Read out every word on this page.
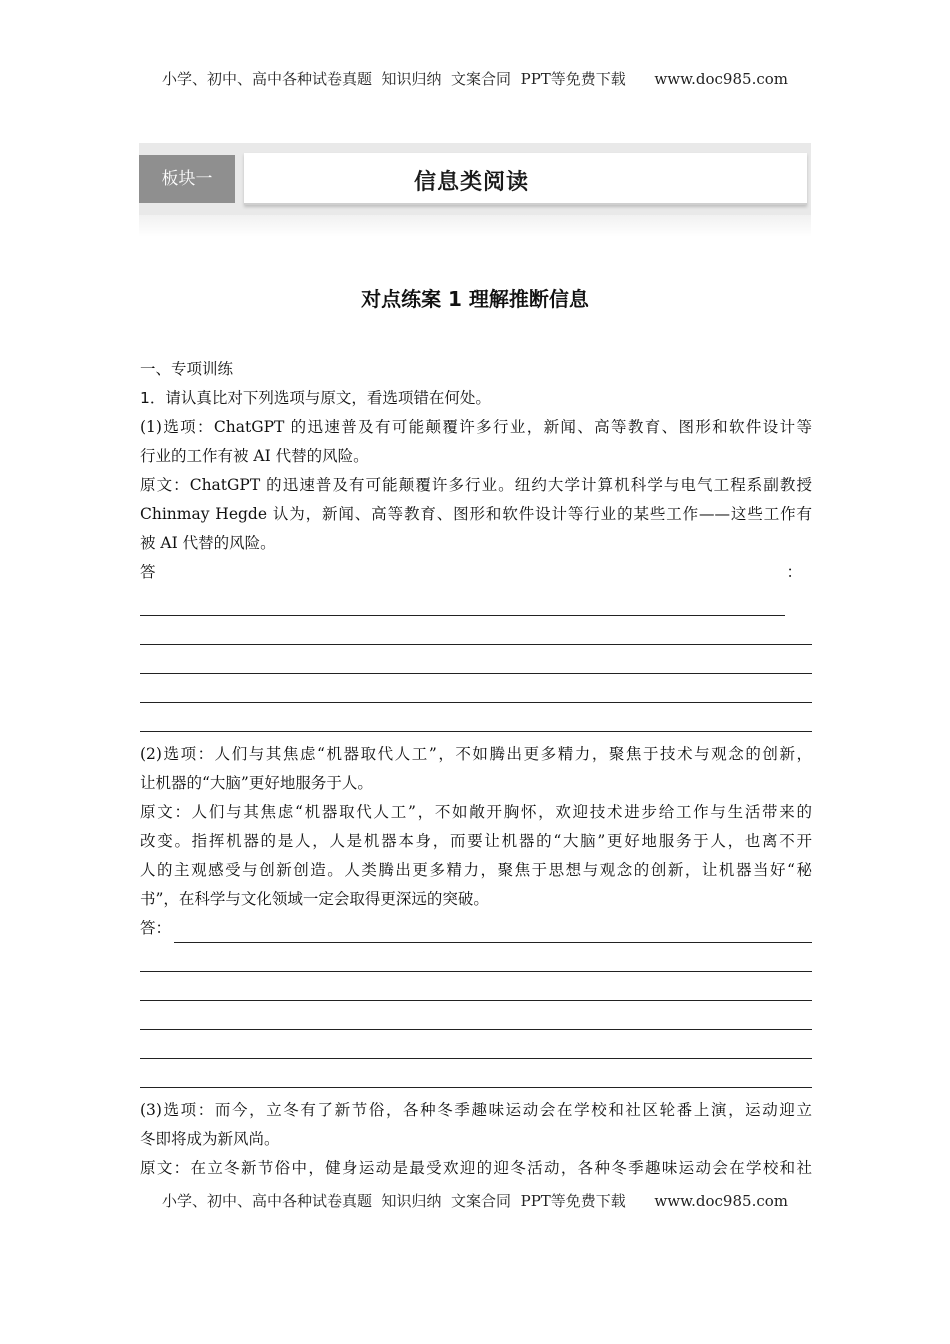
小学、初中、高中各种试卷真题  知识归纳  文案合同  PPT等免费下载      www.doc985.com
板块一	信息类阅读
对点练案 1 理解推断信息
一、专项训练
1．请认真比对下列选项与原文，看选项错在何处。
(1)选项：ChatGPT 的迅速普及有可能颠覆许多行业，新闻、高等教育、图形和软件设计等
行业的工作有被 AI 代替的风险。
原文：ChatGPT 的迅速普及有可能颠覆许多行业。纽约大学计算机科学与电气工程系副教授
Chinmay Hegde 认为，新闻、高等教育、图形和软件设计等行业的某些工作——这些工作有
被 AI 代替的风险。
答	：
(2)选项：人们与其焦虑“机器取代人工”，不如腾出更多精力，聚焦于技术与观念的创新，
让机器的“大脑”更好地服务于人。
原文：人们与其焦虑“机器取代人工”，不如敞开胸怀，欢迎技术进步给工作与生活带来的
改变。指挥机器的是人，人是机器本身，而要让机器的“大脑”更好地服务于人，也离不开
人的主观感受与创新创造。人类腾出更多精力，聚焦于思想与观念的创新，让机器当好“秘
书”，在科学与文化领域一定会取得更深远的突破。
答：
(3)选项：而今，立冬有了新节俗，各种冬季趣味运动会在学校和社区轮番上演，运动迎立
冬即将成为新风尚。
原文：在立冬新节俗中，健身运动是最受欢迎的迎冬活动，各种冬季趣味运动会在学校和社
小学、初中、高中各种试卷真题  知识归纳  文案合同  PPT等免费下载      www.doc985.com
